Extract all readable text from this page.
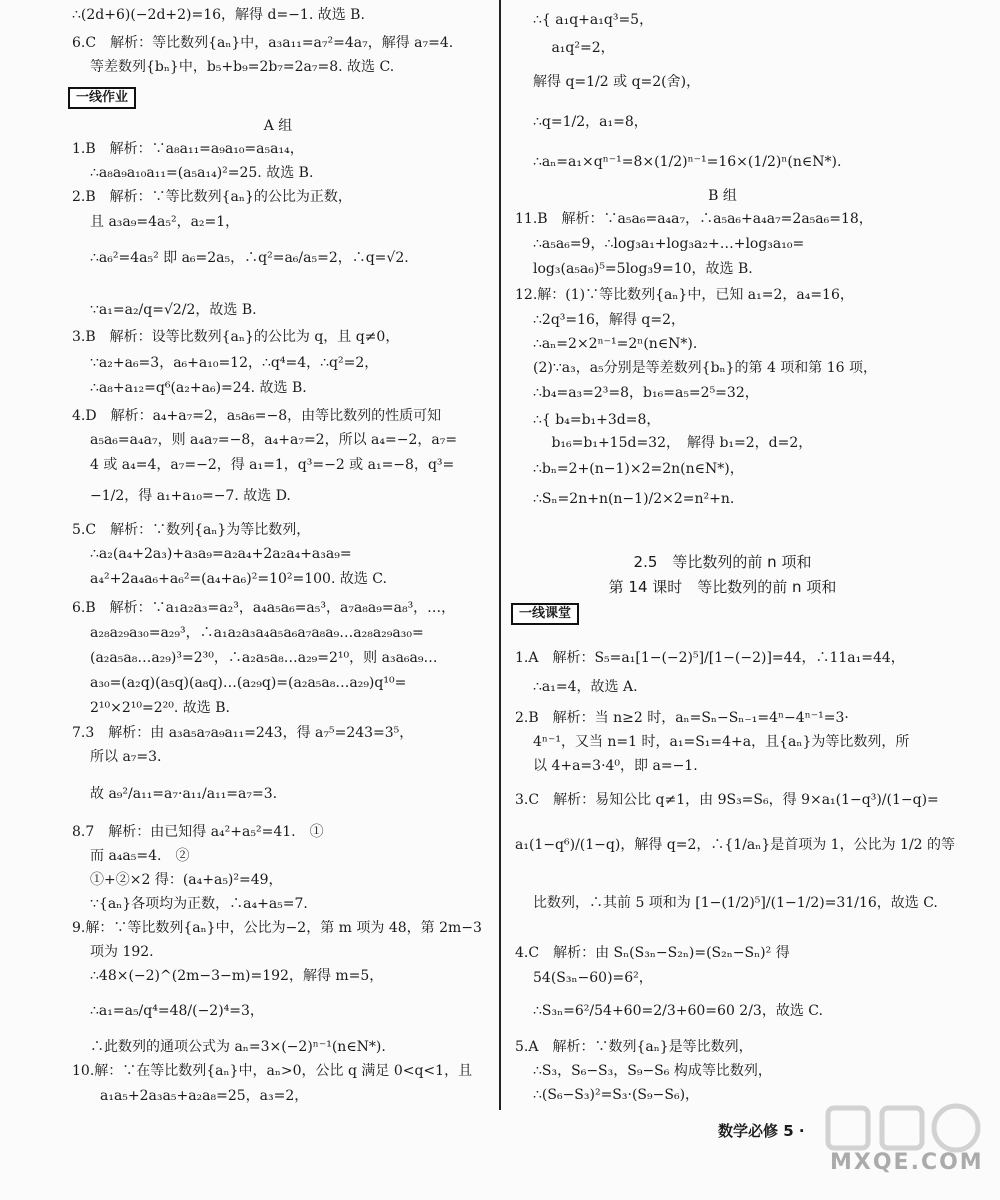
∴(2d+6)(−2d+2)=16，解得 d=−1. 故选 B.
6.C　解析：等比数列{aₙ}中，a₃a₁₁=a₇²=4a₇，解得 a₇=4.
等差数列{bₙ}中，b₅+b₉=2b₇=2a₇=8. 故选 C.
一线作业
A 组
1.B　解析：∵a₈a₁₁=a₉a₁₀=a₅a₁₄，
∴a₈a₉a₁₀a₁₁=(a₅a₁₄)²=25. 故选 B.
2.B　解析：∵等比数列{aₙ}的公比为正数，
且 a₃a₉=4a₅²，a₂=1，
∴a₆²=4a₅² 即 a₆=2a₅，∴q²=a₆/a₅=2，∴q=√2.
∵a₁=a₂/q=√2/2，故选 B.
3.B　解析：设等比数列{aₙ}的公比为 q，且 q≠0，
∵a₂+a₆=3，a₆+a₁₀=12，∴q⁴=4，∴q²=2，
∴a₈+a₁₂=q⁶(a₂+a₆)=24. 故选 B.
4.D　解析：a₄+a₇=2，a₅a₆=−8，由等比数列的性质可知
a₅a₆=a₄a₇，则 a₄a₇=−8，a₄+a₇=2，所以 a₄=−2，a₇=
4 或 a₄=4，a₇=−2，得 a₁=1，q³=−2 或 a₁=−8，q³=
−1/2，得 a₁+a₁₀=−7. 故选 D.
5.C　解析：∵数列{aₙ}为等比数列，
∴a₂(a₄+2a₃)+a₃a₉=a₂a₄+2a₂a₄+a₃a₉=
a₄²+2a₄a₆+a₆²=(a₄+a₆)²=10²=100. 故选 C.
6.B　解析：∵a₁a₂a₃=a₂³，a₄a₅a₆=a₅³，a₇a₈a₉=a₈³，…，
a₂₈a₂₉a₃₀=a₂₉³，∴a₁a₂a₃a₄a₅a₆a₇a₈a₉…a₂₈a₂₉a₃₀=
(a₂a₅a₈…a₂₉)³=2³⁰，∴a₂a₅a₈…a₂₉=2¹⁰，则 a₃a₆a₉…
a₃₀=(a₂q)(a₅q)(a₈q)…(a₂₉q)=(a₂a₅a₈…a₂₉)q¹⁰=
2¹⁰×2¹⁰=2²⁰. 故选 B.
7.3　解析：由 a₃a₅a₇a₉a₁₁=243，得 a₇⁵=243=3⁵，
所以 a₇=3.
故 a₉²/a₁₁=a₇·a₁₁/a₁₁=a₇=3.
8.7　解析：由已知得 a₄²+a₅²=41.　①
而 a₄a₅=4.　②
①+②×2 得：(a₄+a₅)²=49，
∵{aₙ}各项均为正数，∴a₄+a₅=7.
9.解：∵等比数列{aₙ}中，公比为−2，第 m 项为 48，第 2m−3
项为 192.
∴48×(−2)^(2m−3−m)=192，解得 m=5，
∴a₁=a₅/q⁴=48/(−2)⁴=3，
∴此数列的通项公式为 aₙ=3×(−2)ⁿ⁻¹(n∈N*).
10.解：∵在等比数列{aₙ}中，aₙ>0，公比 q 满足 0<q<1，且
a₁a₅+2a₃a₅+a₂a₈=25，a₃=2，
∴{ a₁q+a₁q³=5，
　 a₁q²=2，
解得 q=1/2 或 q=2(舍)，
∴q=1/2，a₁=8，
∴aₙ=a₁×qⁿ⁻¹=8×(1/2)ⁿ⁻¹=16×(1/2)ⁿ(n∈N*).
B 组
11.B　解析：∵a₅a₆=a₄a₇，∴a₅a₆+a₄a₇=2a₅a₆=18，
∴a₅a₆=9，∴log₃a₁+log₃a₂+…+log₃a₁₀=
log₃(a₅a₆)⁵=5log₃9=10，故选 B.
12.解：(1)∵等比数列{aₙ}中，已知 a₁=2，a₄=16，
∴2q³=16，解得 q=2，
∴aₙ=2×2ⁿ⁻¹=2ⁿ(n∈N*).
(2)∵a₃，a₅分别是等差数列{bₙ}的第 4 项和第 16 项，
∴b₄=a₃=2³=8，b₁₆=a₅=2⁵=32，
∴{ b₄=b₁+3d=8，
　 b₁₆=b₁+15d=32，　解得 b₁=2，d=2，
∴bₙ=2+(n−1)×2=2n(n∈N*)，
∴Sₙ=2n+n(n−1)/2×2=n²+n.
2.5　等比数列的前 n 项和
第 14 课时　等比数列的前 n 项和
一线课堂
1.A　解析：S₅=a₁[1−(−2)⁵]/[1−(−2)]=44，∴11a₁=44，
∴a₁=4，故选 A.
2.B　解析：当 n≥2 时，aₙ=Sₙ−Sₙ₋₁=4ⁿ−4ⁿ⁻¹=3·
4ⁿ⁻¹，又当 n=1 时，a₁=S₁=4+a，且{aₙ}为等比数列，所
以 4+a=3·4⁰，即 a=−1.
3.C　解析：易知公比 q≠1，由 9S₃=S₆，得 9×a₁(1−q³)/(1−q)=
a₁(1−q⁶)/(1−q)，解得 q=2，∴{1/aₙ}是首项为 1，公比为 1/2 的等
比数列，∴其前 5 项和为 [1−(1/2)⁵]/(1−1/2)=31/16，故选 C.
4.C　解析：由 Sₙ(S₃ₙ−S₂ₙ)=(S₂ₙ−Sₙ)² 得
54(S₃ₙ−60)=6²，
∴S₃ₙ=6²/54+60=2/3+60=60 2/3，故选 C.
5.A　解析：∵数列{aₙ}是等比数列，
∴S₃，S₆−S₃，S₉−S₆ 构成等比数列，
∴(S₆−S₃)²=S₃·(S₉−S₆)，
数学必修 5 ·
MXQE.COM
